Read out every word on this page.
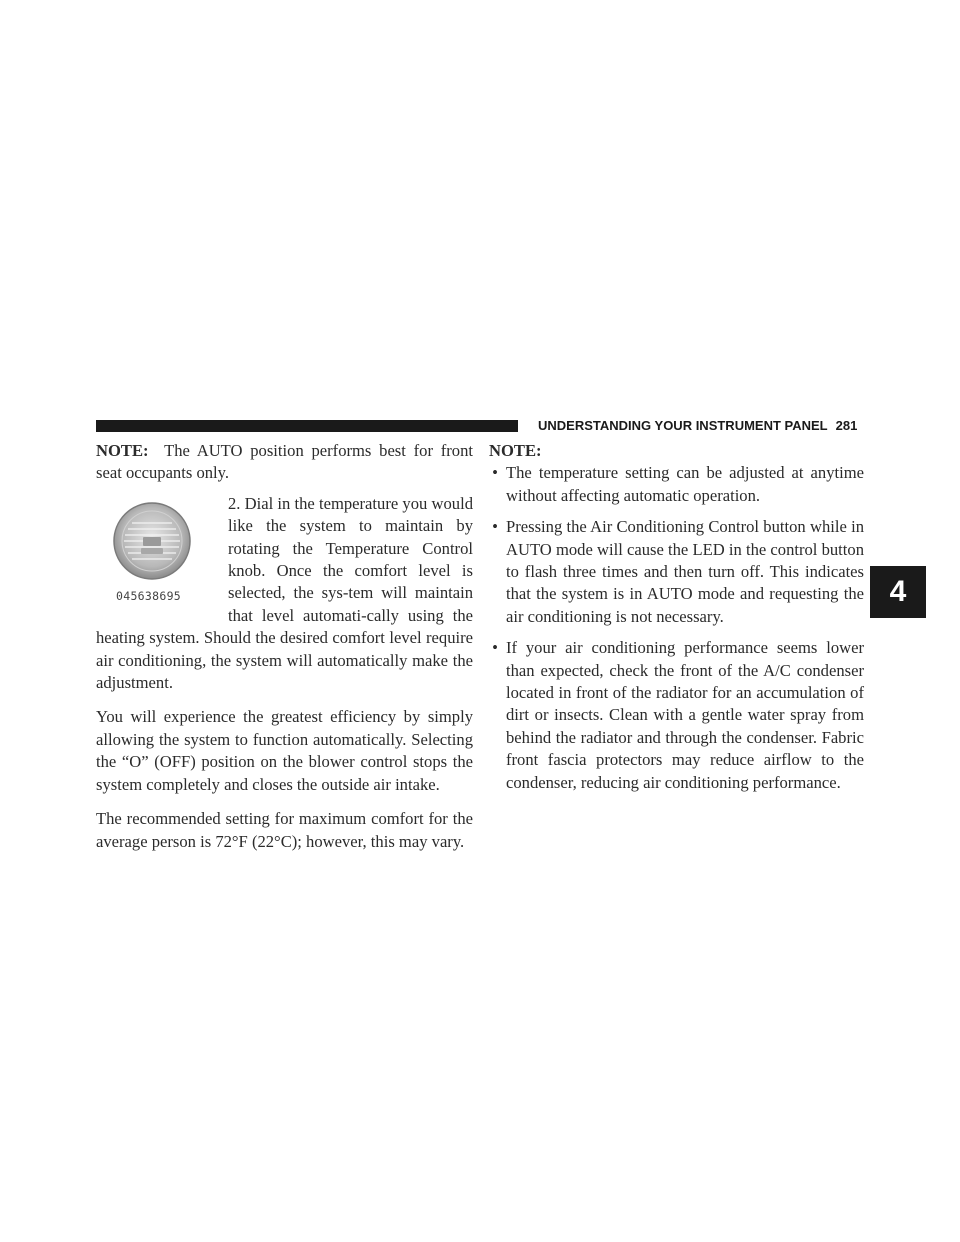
UNDERSTANDING YOUR INSTRUMENT PANEL 281
4

NOTE: The AUTO position performs best for front seat occupants only.

045638695

2. Dial in the temperature you would like the system to maintain by rotating the Temperature Control knob. Once the comfort level is selected, the sys-tem will maintain that level automati-cally using the heating system. Should the desired comfort level require air conditioning, the system will automatically make the adjustment.

You will experience the greatest efficiency by simply allowing the system to function automatically. Selecting the “O” (OFF) position on the blower control stops the system completely and closes the outside air intake.

The recommended setting for maximum comfort for the average person is 72°F (22°C); however, this may vary.

NOTE:

• The temperature setting can be adjusted at anytime without affecting automatic operation.
• Pressing the Air Conditioning Control button while in AUTO mode will cause the LED in the control button to flash three times and then turn off. This indicates that the system is in AUTO mode and requesting the air conditioning is not necessary.
• If your air conditioning performance seems lower than expected, check the front of the A/C condenser located in front of the radiator for an accumulation of dirt or insects. Clean with a gentle water spray from behind the radiator and through the condenser. Fabric front fascia protectors may reduce airflow to the condenser, reducing air conditioning performance.
